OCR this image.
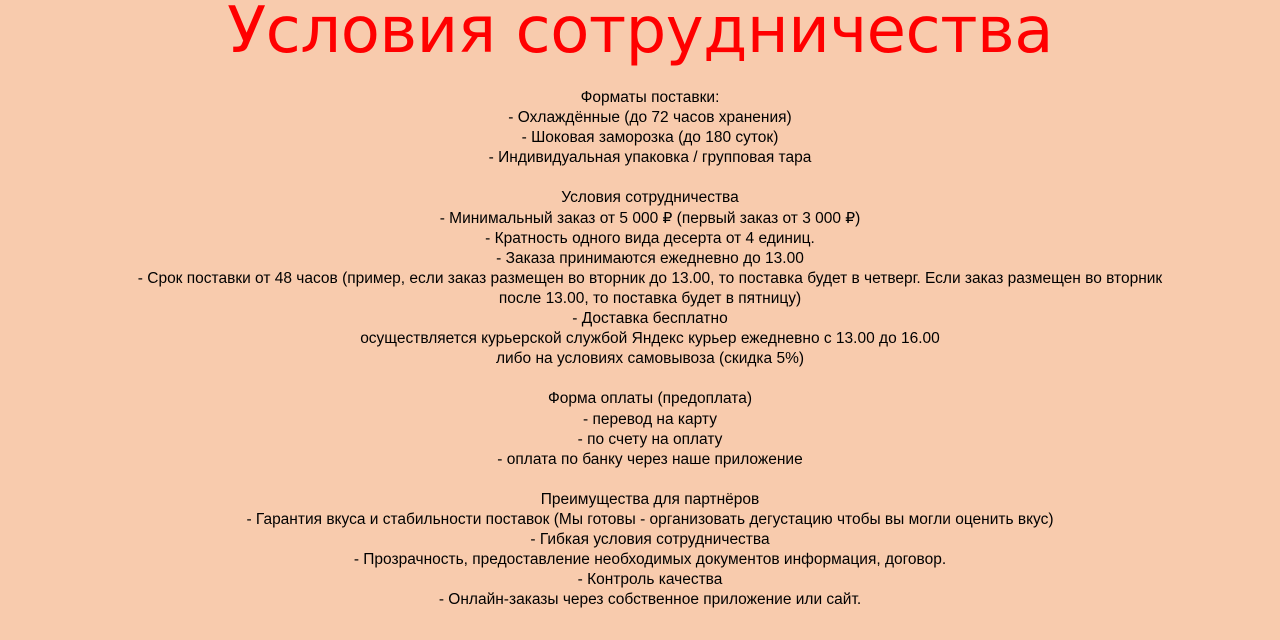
Условия сотрудничества
Форматы поставки:
- Охлаждённые (до 72 часов хранения)
- Шоковая заморозка (до 180 суток)
- Индивидуальная упаковка / групповая тара
Условия сотрудничества
- Минимальный заказ от 5 000 ₽ (первый заказ от 3 000 ₽)
- Кратность одного вида десерта от 4 единиц.
- Заказа принимаются ежедневно до 13.00
- Срок поставки от 48 часов (пример, если заказ размещен во вторник до 13.00, то поставка будет в четверг. Если заказ размещен во вторник после 13.00, то поставка будет в пятницу)
- Доставка бесплатно
осуществляется курьерской службой Яндекс курьер ежедневно с 13.00 до 16.00
либо на условиях самовывоза (скидка 5%)
Форма оплаты (предоплата)
- перевод на карту
- по счету на оплату
- оплата по банку через наше приложение
Преимущества для партнёров
- Гарантия вкуса и стабильности поставок (Мы готовы - организовать дегустацию чтобы вы могли оценить вкус)
- Гибкая условия сотрудничества
- Прозрачность, предоставление необходимых документов информация, договор.
- Контроль качества
- Онлайн-заказы через собственное приложение или сайт.
